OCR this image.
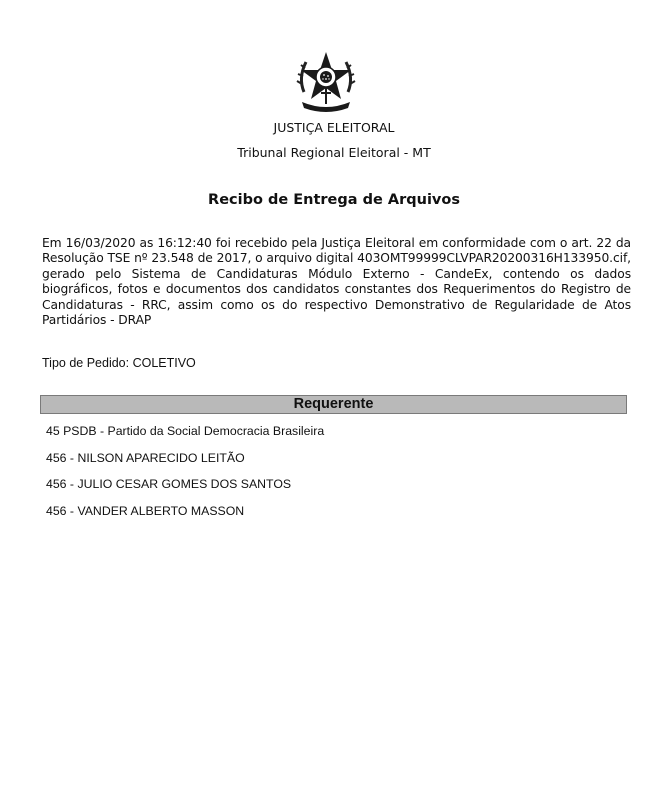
JUSTIÇA ELEITORAL
Tribunal Regional Eleitoral - MT
Recibo de Entrega de Arquivos
Em 16/03/2020 as 16:12:40 foi recebido pela Justiça Eleitoral em conformidade com o art. 22 da Resolução TSE nº 23.548 de 2017, o arquivo digital 403OMT99999CLVPAR20200316H133950.cif, gerado pelo Sistema de Candidaturas Módulo Externo - CandeEx, contendo os dados biográficos, fotos e documentos dos candidatos constantes dos Requerimentos do Registro de Candidaturas - RRC, assim como os do respectivo Demonstrativo de Regularidade de Atos Partidários - DRAP
Tipo de Pedido: COLETIVO
Requerente
45 PSDB - Partido da Social Democracia Brasileira
456 - NILSON APARECIDO LEITÃO
456 - JULIO CESAR GOMES DOS SANTOS
456 - VANDER ALBERTO MASSON
